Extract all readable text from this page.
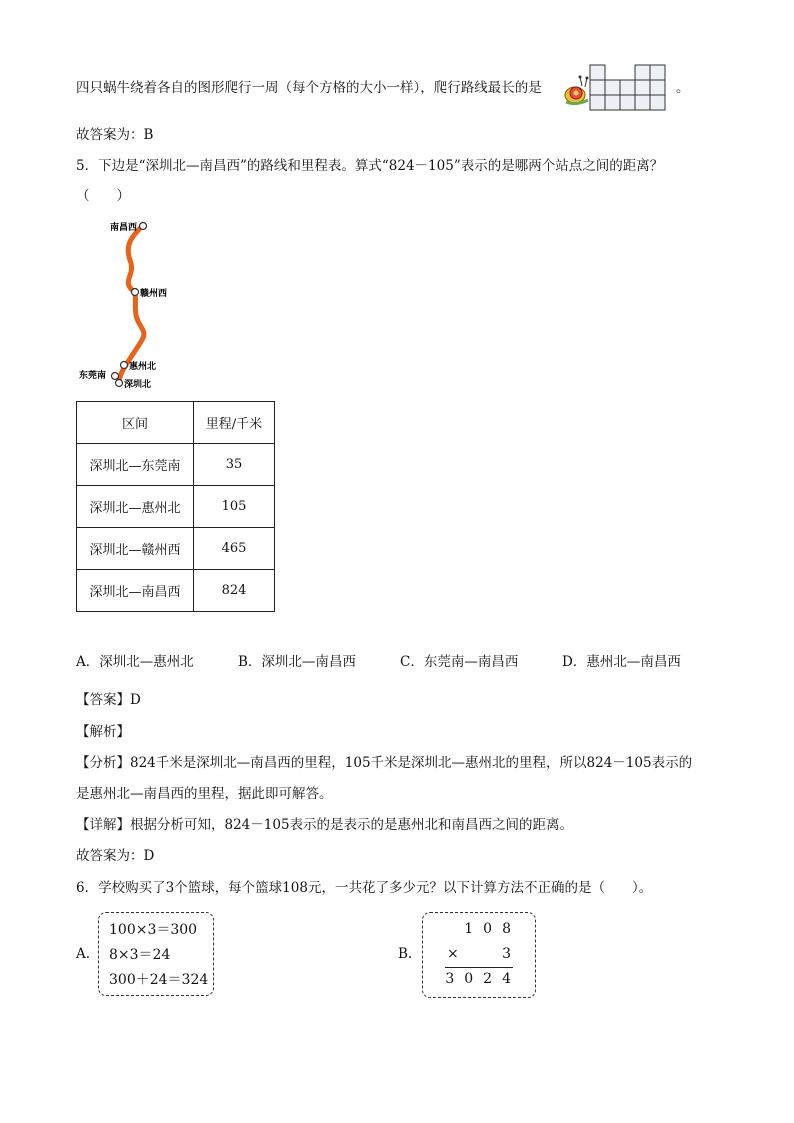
四只蜗牛绕着各自的图形爬行一周（每个方格的大小一样），爬行路线最长的是	。
故答案为：B
5．下边是“深圳北—南昌西”的路线和里程表。算式“824－105”表示的是哪两个站点之间的距离？
（　　）
南昌西
赣州西
惠州北
东莞南
深圳北
区间	里程/千米
深圳北—东莞南	35
深圳北—惠州北	105
深圳北—赣州西	465
深圳北—南昌西	824
A．深圳北—惠州北	B．深圳北—南昌西	C．东莞南—南昌西	D．惠州北—南昌西
【答案】D
【解析】
【分析】824千米是深圳北—南昌西的里程，105千米是深圳北—惠州北的里程，所以824－105表示的
是惠州北—南昌西的里程，据此即可解答。
【详解】根据分析可知，824－105表示的是表示的是惠州北和南昌西之间的距离。
故答案为：D
6．学校购买了3个篮球，每个篮球108元，一共花了多少元？以下计算方法不正确的是（　　）。
A.
100×3＝300
8×3＝24
300＋24＝324
B.
108
× 3
3024
